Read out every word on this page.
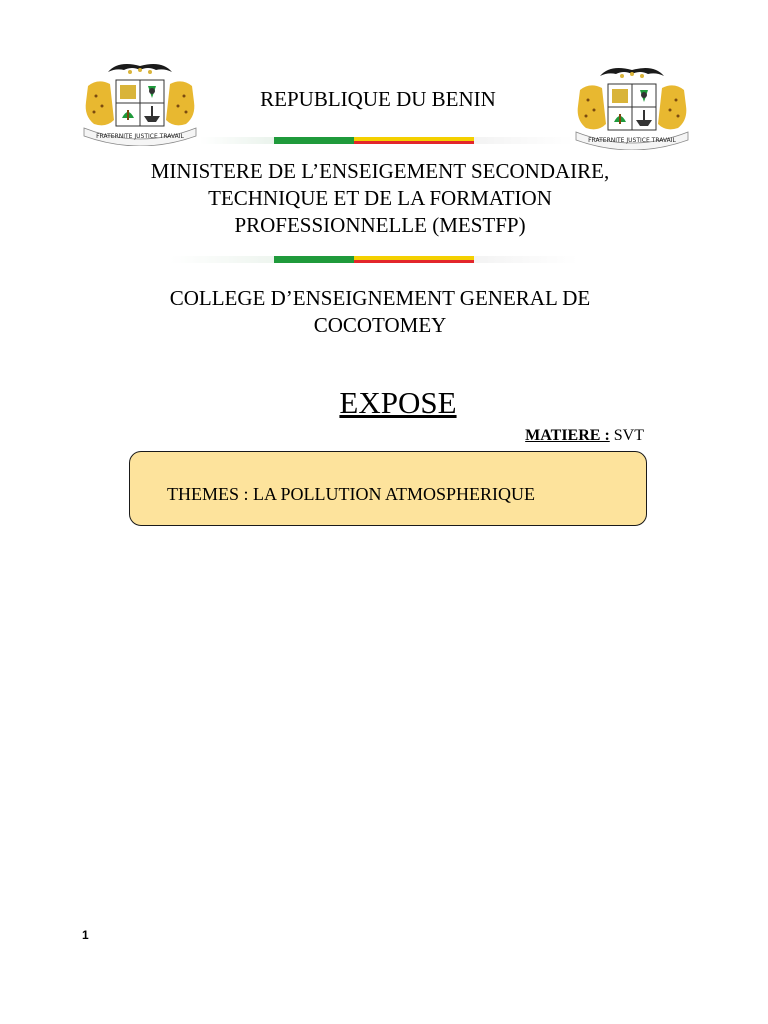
FRATERNITE JUSTICE TRAVAIL
FRATERNITE JUSTICE TRAVAIL
REPUBLIQUE DU BENIN
MINISTERE DE L’ENSEIGEMENT SECONDAIRE,
TECHNIQUE ET DE LA FORMATION
PROFESSIONNELLE (MESTFP)
COLLEGE D’ENSEIGNEMENT GENERAL DE
COCOTOMEY
EXPOSE
MATIERE : SVT
THEMES : LA POLLUTION ATMOSPHERIQUE
1
